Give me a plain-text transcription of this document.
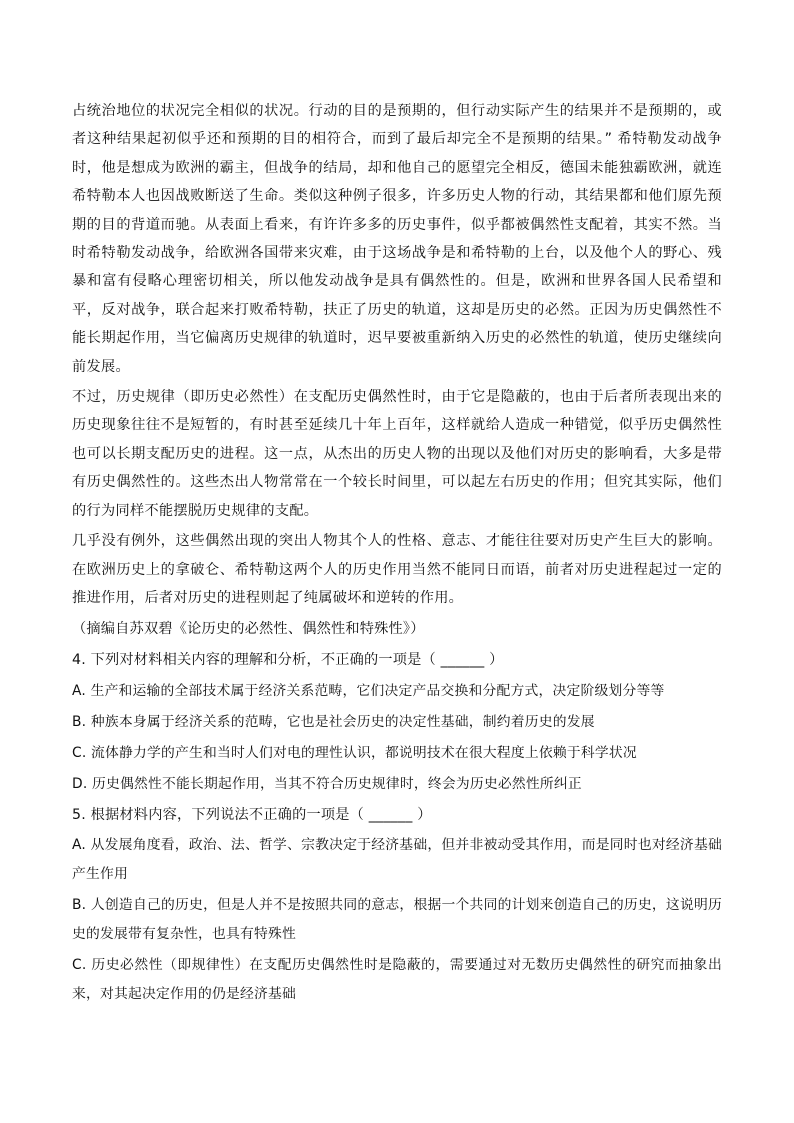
占统治地位的状况完全相似的状况。行动的目的是预期的，但行动实际产生的结果并不是预期的，或者这种结果起初似乎还和预期的目的相符合，而到了最后却完全不是预期的结果。” 希特勒发动战争时，他是想成为欧洲的霸主，但战争的结局，却和他自己的愿望完全相反，德国未能独霸欧洲，就连希特勒本人也因战败断送了生命。类似这种例子很多，许多历史人物的行动，其结果都和他们原先预期的目的背道而驰。从表面上看来，有许许多多的历史事件，似乎都被偶然性支配着，其实不然。当时希特勒发动战争，给欧洲各国带来灾难，由于这场战争是和希特勒的上台，以及他个人的野心、残暴和富有侵略心理密切相关，所以他发动战争是具有偶然性的。但是，欧洲和世界各国人民希望和平，反对战争，联合起来打败希特勒，扶正了历史的轨道，这却是历史的必然。正因为历史偶然性不能长期起作用，当它偏离历史规律的轨道时，迟早要被重新纳入历史的必然性的轨道，使历史继续向前发展。

不过，历史规律（即历史必然性）在支配历史偶然性时，由于它是隐蔽的，也由于后者所表现出来的历史现象往往不是短暂的，有时甚至延续几十年上百年，这样就给人造成一种错觉，似乎历史偶然性也可以长期支配历史的进程。这一点，从杰出的历史人物的出现以及他们对历史的影响看，大多是带有历史偶然性的。这些杰出人物常常在一个较长时间里，可以起左右历史的作用；但究其实际，他们的行为同样不能摆脱历史规律的支配。

几乎没有例外，这些偶然出现的突出人物其个人的性格、意志、才能往往要对历史产生巨大的影响。在欧洲历史上的拿破仑、希特勒这两个人的历史作用当然不能同日而语，前者对历史进程起过一定的推进作用，后者对历史的进程则起了纯属破坏和逆转的作用。

（摘编自苏双碧《论历史的必然性、偶然性和特殊性》）

4. 下列对材料相关内容的理解和分析，不正确的一项是（ ______ ）

A. 生产和运输的全部技术属于经济关系范畴，它们决定产品交换和分配方式，决定阶级划分等等

B. 种族本身属于经济关系的范畴，它也是社会历史的决定性基础，制约着历史的发展

C. 流体静力学的产生和当时人们对电的理性认识，都说明技术在很大程度上依赖于科学状况

D. 历史偶然性不能长期起作用，当其不符合历史规律时，终会为历史必然性所纠正

5. 根据材料内容，下列说法不正确的一项是（ ______ ）

A. 从发展角度看，政治、法、哲学、宗教决定于经济基础，但并非被动受其作用，而是同时也对经济基础产生作用

B. 人创造自己的历史，但是人并不是按照共同的意志，根据一个共同的计划来创造自己的历史，这说明历史的发展带有复杂性，也具有特殊性

C. 历史必然性（即规律性）在支配历史偶然性时是隐蔽的，需要通过对无数历史偶然性的研究而抽象出来，对其起决定作用的仍是经济基础
